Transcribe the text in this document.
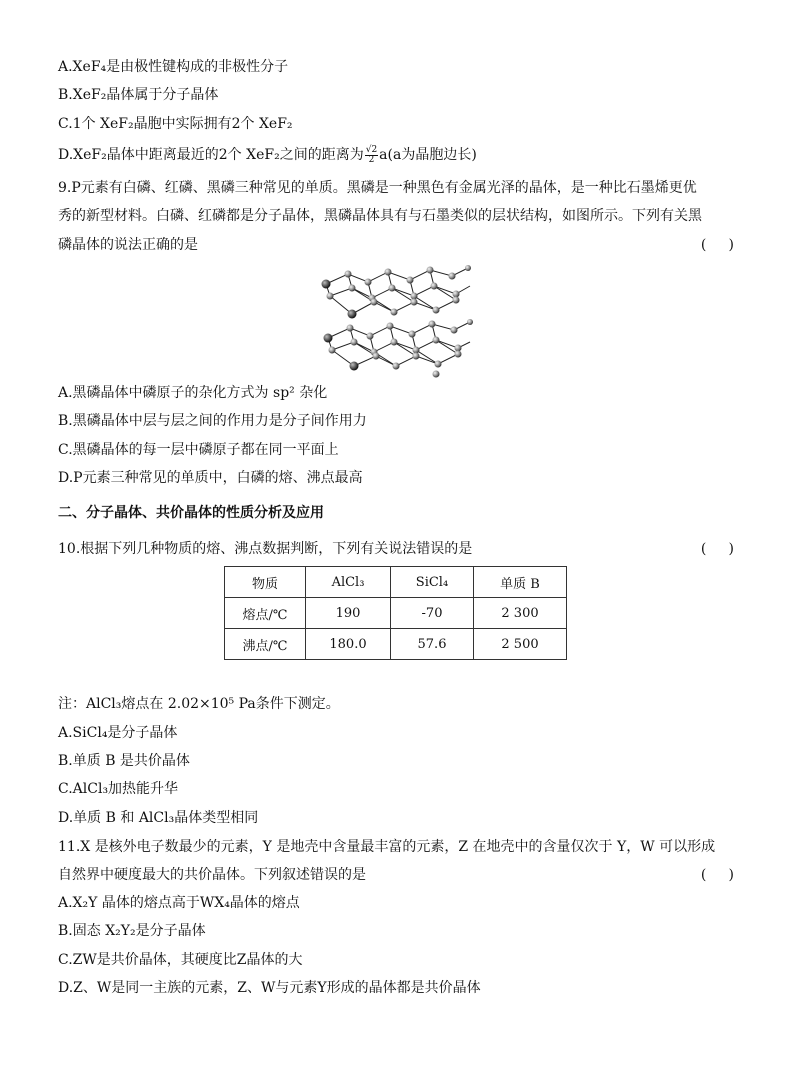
A.XeF₄是由极性键构成的非极性分子
B.XeF₂晶体属于分子晶体
C.1个 XeF₂晶胞中实际拥有2个 XeF₂
D.XeF₂晶体中距离最近的2个 XeF₂之间的距离为 $\frac{√2}{2} a(a$为晶胞边长)
9.P元素有白磷、红磷、黑磷三种常见的单质。黑磷是一种黑色有金属光泽的晶体，是一种比石墨烯更优
秀的新型材料。白磷、红磷都是分子晶体，黑磷晶体具有与石墨类似的层状结构，如图所示。下列有关黑
磷晶体的说法正确的是	(     )
A.黑磷晶体中磷原子的杂化方式为 sp² 杂化
B.黑磷晶体中层与层之间的作用力是分子间作用力
C.黑磷晶体的每一层中磷原子都在同一平面上
D.P元素三种常见的单质中，白磷的熔、沸点最高
二、分子晶体、共价晶体的性质分析及应用
10.根据下列几种物质的熔、沸点数据判断，下列有关说法错误的是	(     )
物质	AlCl₃	SiCl₄	单质 B
熔点/℃	190	-70	2 300
沸点/℃	180.0	57.6	2 500
注：AlCl₃熔点在 2.02×10⁵ Pa条件下测定。
A.SiCl₄是分子晶体
B.单质 B 是共价晶体
C.AlCl₃加热能升华
D.单质 B 和 AlCl₃晶体类型相同
11.X 是核外电子数最少的元素，Y 是地壳中含量最丰富的元素，Z 在地壳中的含量仅次于 Y，W 可以形成
自然界中硬度最大的共价晶体。下列叙述错误的是	(     )
A.X₂Y 晶体的熔点高于WX₄晶体的熔点
B.固态 X₂Y₂是分子晶体
C.ZW是共价晶体，其硬度比Z晶体的大
D.Z、W是同一主族的元素，Z、W与元素Y形成的晶体都是共价晶体
